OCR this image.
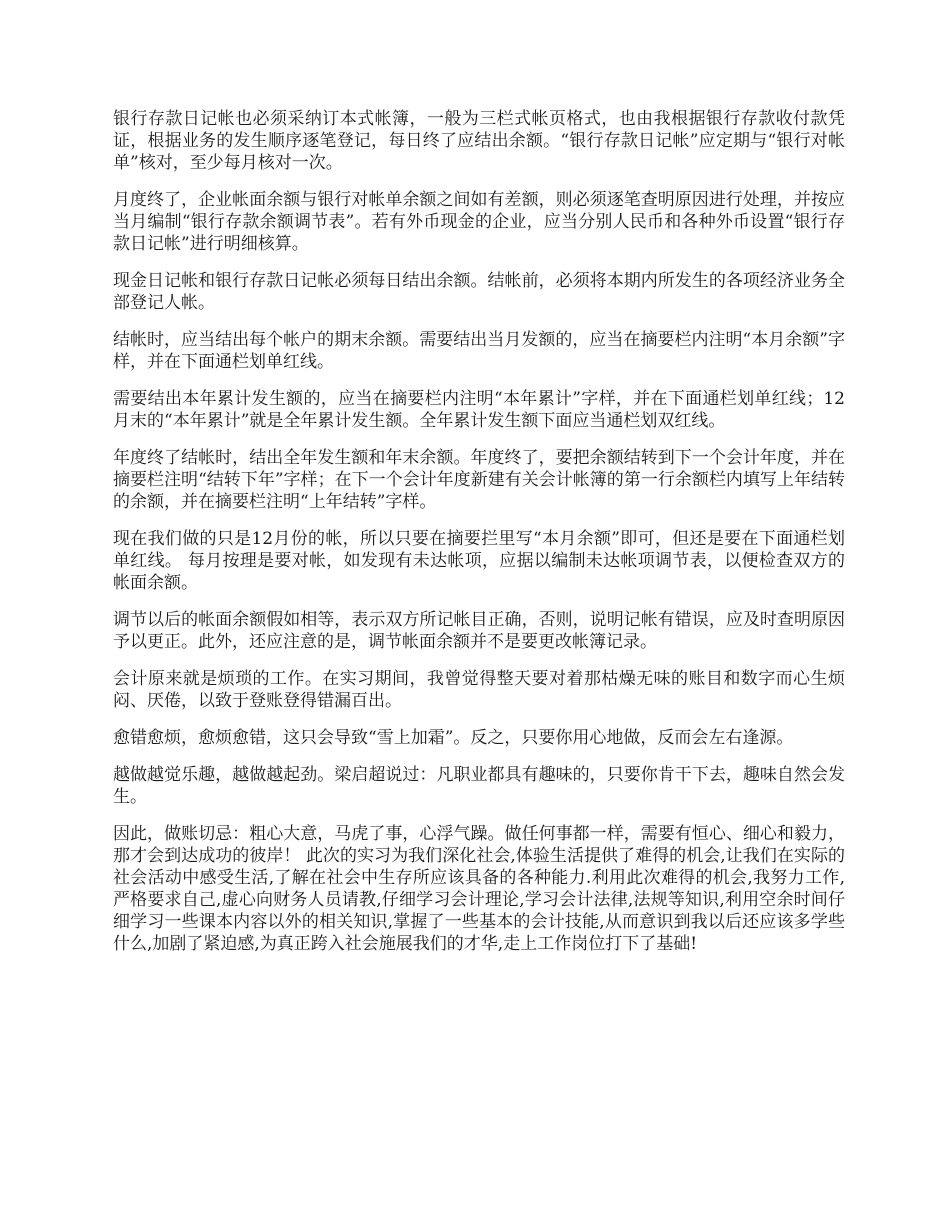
银行存款日记帐也必须采纳订本式帐簿，一般为三栏式帐页格式，也由我根据银行存款收付款凭证，根据业务的发生顺序逐笔登记，每日终了应结出余额。“银行存款日记帐”应定期与“银行对帐单”核对，至少每月核对一次。

月度终了，企业帐面余额与银行对帐单余额之间如有差额，则必须逐笔查明原因进行处理，并按应当月编制“银行存款余额调节表”。若有外币现金的企业，应当分别人民币和各种外币设置“银行存款日记帐”进行明细核算。

现金日记帐和银行存款日记帐必须每日结出余额。结帐前，必须将本期内所发生的各项经济业务全部登记人帐。

结帐时，应当结出每个帐户的期末余额。需要结出当月发额的，应当在摘要栏内注明“本月余额”字样，并在下面通栏划单红线。

需要结出本年累计发生额的，应当在摘要栏内注明“本年累计”字样，并在下面通栏划单红线；12月末的“本年累计”就是全年累计发生额。全年累计发生额下面应当通栏划双红线。

年度终了结帐时，结出全年发生额和年末余额。年度终了，要把余额结转到下一个会计年度，并在摘要栏注明“结转下年”字样；在下一个会计年度新建有关会计帐簿的第一行余额栏内填写上年结转的余额，并在摘要栏注明“上年结转”字样。

现在我们做的只是12月份的帐，所以只要在摘要拦里写“本月余额”即可，但还是要在下面通栏划单红线。 每月按理是要对帐，如发现有未达帐项，应据以编制未达帐项调节表，以便检查双方的帐面余额。

调节以后的帐面余额假如相等，表示双方所记帐目正确，否则，说明记帐有错误，应及时查明原因予以更正。此外，还应注意的是，调节帐面余额并不是要更改帐簿记录。

会计原来就是烦琐的工作。在实习期间，我曾觉得整天要对着那枯燥无味的账目和数字而心生烦闷、厌倦，以致于登账登得错漏百出。

愈错愈烦，愈烦愈错，这只会导致“雪上加霜”。反之，只要你用心地做，反而会左右逢源。

越做越觉乐趣，越做越起劲。梁启超说过：凡职业都具有趣味的，只要你肯干下去，趣味自然会发生。

因此，做账切忌：粗心大意，马虎了事，心浮气躁。做任何事都一样，需要有恒心、细心和毅力，那才会到达成功的彼岸！ 此次的实习为我们深化社会,体验生活提供了难得的机会,让我们在实际的社会活动中感受生活,了解在社会中生存所应该具备的各种能力.利用此次难得的机会,我努力工作,严格要求自己,虚心向财务人员请教,仔细学习会计理论,学习会计法律,法规等知识,利用空余时间仔细学习一些课本内容以外的相关知识,掌握了一些基本的会计技能,从而意识到我以后还应该多学些什么,加剧了紧迫感,为真正跨入社会施展我们的才华,走上工作岗位打下了基础!
